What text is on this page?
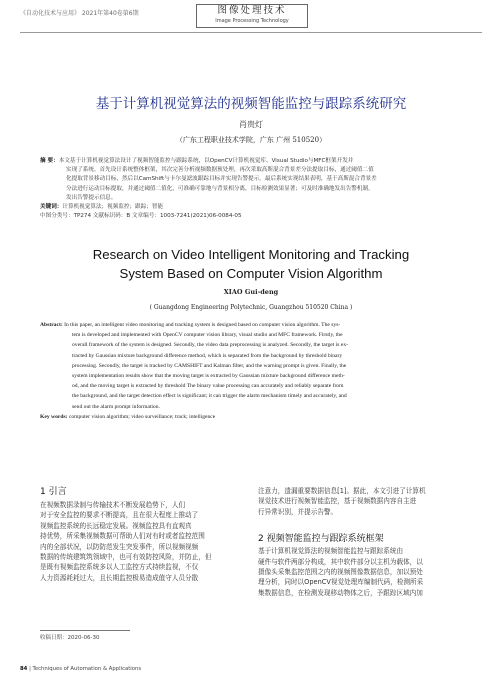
《自动化技术与应用》 2021年第40卷第6期	图像处理技术
Image Processing Technology
基于计算机视觉算法的视频智能监控与跟踪系统研究
肖贵灯
（广东工程职业技术学院，广东 广州 510520）
摘 要：本文基于计算机视觉算法设计了视频智能监控与跟踪系统，以OpenCV计算机视觉库、Visual Studio与MFC框架开发并
实现了系统。首先设计系统整体框架，其次完善分析视频数据预处理，再次采取高斯混合背景差分法提取目标，通过阈值二值
化提取背景移动目标，然后以CamShift与卡尔曼滤波跟踪目标并实现告警提示。最后系统实现结果表明，基于高斯混合背景差
分法进行运动目标提取，并通过阈值二值化，可准确可靠地与背景相分离，目标检测效果显著；可及时准确地发出告警机制，
发出告警提示信息。
关键词：计算机视觉算法；视频监控；跟踪；智能
中图分类号：TP274 文献标识码：B 文章编号：1003-7241(2021)06-0084-05
Research on Video Intelligent Monitoring and Tracking
System Based on Computer Vision Algorithm
XIAO Gui-deng
( Guangdong Engineering Polytechnic, Guangzhou 510520 China )
Abstract: In this paper, an intelligent video monitoring and tracking system is designed based on computer vision algorithm. The sys-
tem is developed and implemented with OpenCV computer vision library, visual studio and MFC framework. Firstly, the
overall framework of the system is designed. Secondly, the video data preprocessing is analyzed. Secondly, the target is ex-
tracted by Gaussian mixture background difference method, which is separated from the background by threshold binary
processing. Secondly, the target is tracked by CAMSHIFT and Kalman filter, and the warning prompt is given. Finally, the
system implementation results show that the moving target is extracted by Gaussian mixture background difference meth-
od, and the moving target is extracted by threshold The binary value processing can accurately and reliably separate from
the background, and the target detection effect is significant; it can trigger the alarm mechanism timely and accurately, and
send out the alarm prompt information.
Key words: computer vision algorithm; video surveillance; track; intelligence
1 引言
在视频数据录制与传输技术不断发展趋势下，人们
对于安全监控的要求不断提高，且在很大程度上推动了
视频监控系统的长远稳定发展。视频监控具有直观真
持优势，所采集视频数据可帮助人们对有时或者监控范围
内的全部状况，以防防范发生突发事件，所以视频视频
数据的传统建筑筑领域中，也可有效防控风险，并防止，但
是既有视频监控系统多以人工监控方式持续监视，不仅
人力资源耗耗过大，且长期监控极易造成值守人员分散
注意力，遗漏重要数据信息[1]。据此，本文引进了计算机
视觉技术进行视频智能监控，基于视频数据内容自主进
行异常识别，并提示告警。
2 视频智能监控与跟踪系统框架
基于计算机视觉算法的视频智能监控与跟踪系统由
硬件与软件两部分构成，其中软件部分以主机为载体，以
摄像头采集监控范围之内的视频图像数据信息，加以预处
理分析，同时以OpenCV视觉处理库编制代码，检测所采
集数据信息，在检测发现移动物体之后，予跟踪区域内加
收稿日期：2020-06-30
84 | Techniques of Automation & Applications
